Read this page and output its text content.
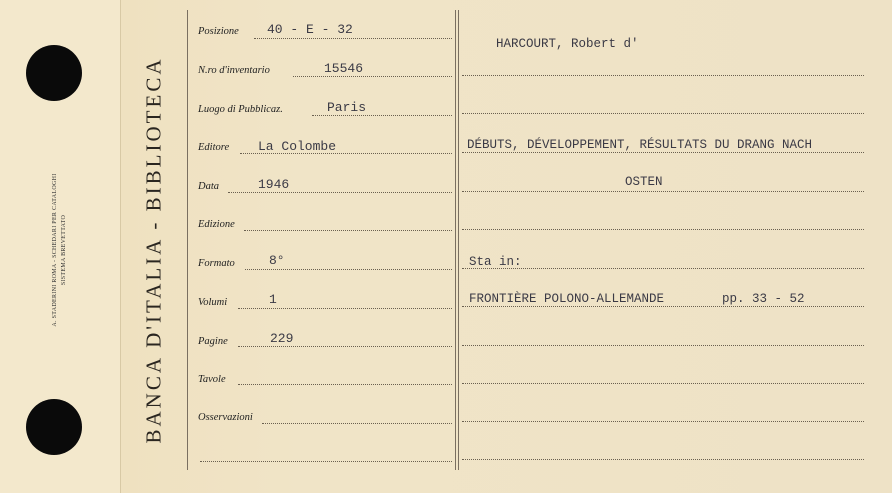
A. STADERINI ROMA - SCHEDARI PER CATALOGHI SISTEMA BREVETTATO	BANCA D'ITALIA - BIBLIOTECA
Posizione 40 - E - 32
N.ro d'inventario	15546
Luogo di Pubblicaz.	Paris
Editore La Colombe
Data	1946
Edizione
Formato	8°
Volumi	1
Pagine	229
Tavole
Osservazioni
HARCOURT, Robert d'
DÉBUTS, DÉVELOPPEMENT, RÉSULTATS DU DRANG NACH
OSTEN
Sta in:
FRONTIÈRE POLONO-ALLEMANDE	pp. 33 - 52
